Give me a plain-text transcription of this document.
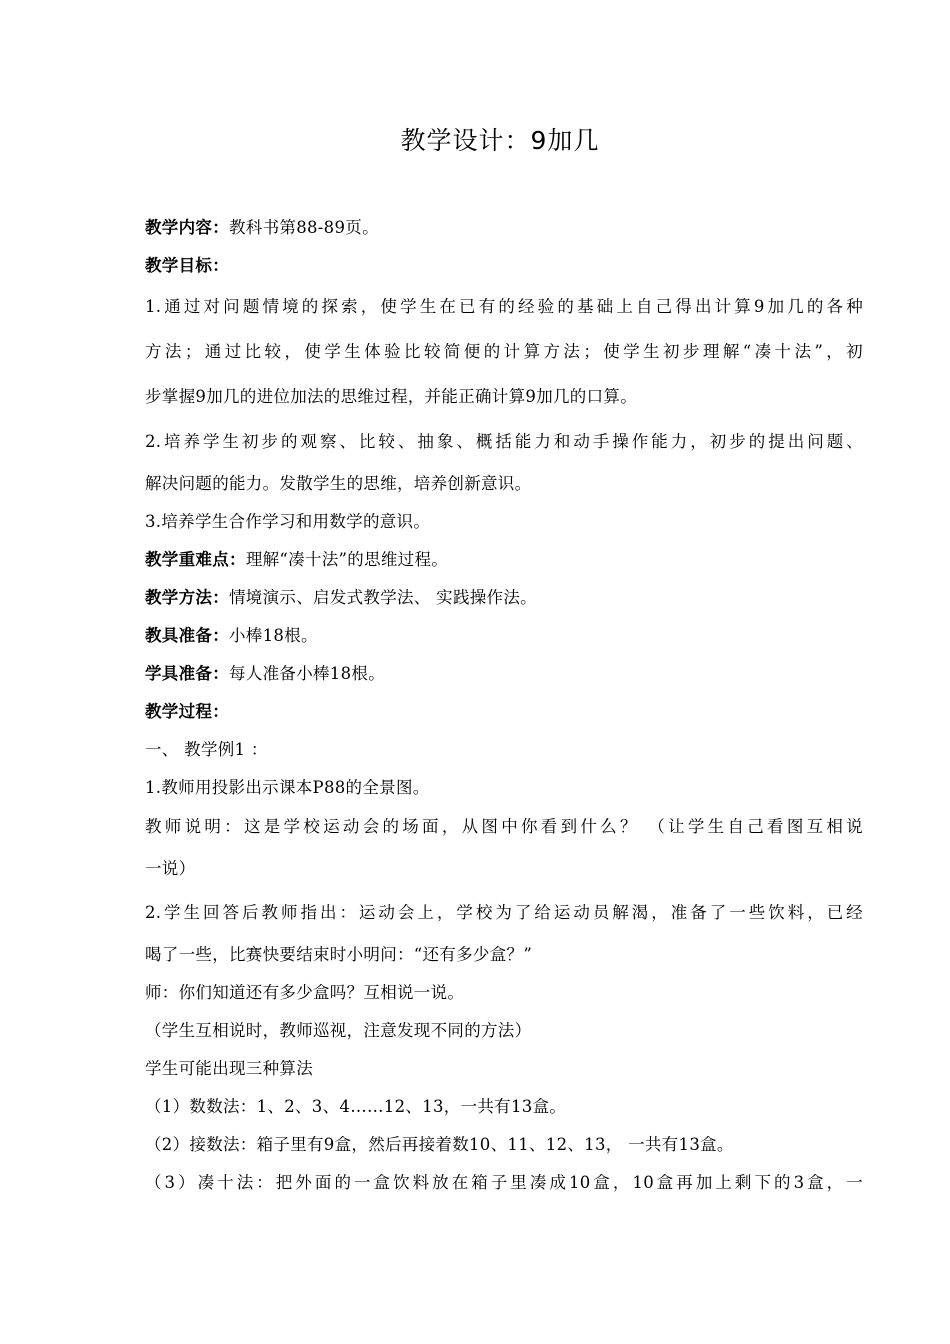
教学设计：9加几
教学内容：教科书第88-89页。
教学目标：
1.通过对问题情境的探索，使学生在已有的经验的基础上自己得出计算9加几的各种
方法；通过比较，使学生体验比较简便的计算方法；使学生初步理解“凑十法”，初
步掌握9加几的进位加法的思维过程，并能正确计算9加几的口算。
2.培养学生初步的观察、比较、抽象、概括能力和动手操作能力，初步的提出问题、
解决问题的能力。发散学生的思维，培养创新意识。
3.培养学生合作学习和用数学的意识。
教学重难点：理解“凑十法”的思维过程。
教学方法：情境演示、启发式教学法、 实践操作法。
教具准备：小棒18根。
学具准备：每人准备小棒18根。
教学过程：
一、 教学例1 ：
1.教师用投影出示课本P88的全景图。
教师说明：这是学校运动会的场面，从图中你看到什么？ （让学生自己看图互相说
一说）
2.学生回答后教师指出：运动会上，学校为了给运动员解渴，准备了一些饮料，已经
喝了一些，比赛快要结束时小明问：“还有多少盒？”
师：你们知道还有多少盒吗？互相说一说。
（学生互相说时，教师巡视，注意发现不同的方法）
学生可能出现三种算法
（1）数数法：1、2、3、4……12、13，一共有13盒。
（2）接数法：箱子里有9盒，然后再接着数10、11、12、13， 一共有13盒。
（3）凑十法：把外面的一盒饮料放在箱子里凑成10盒，10盒再加上剩下的3盒，一
